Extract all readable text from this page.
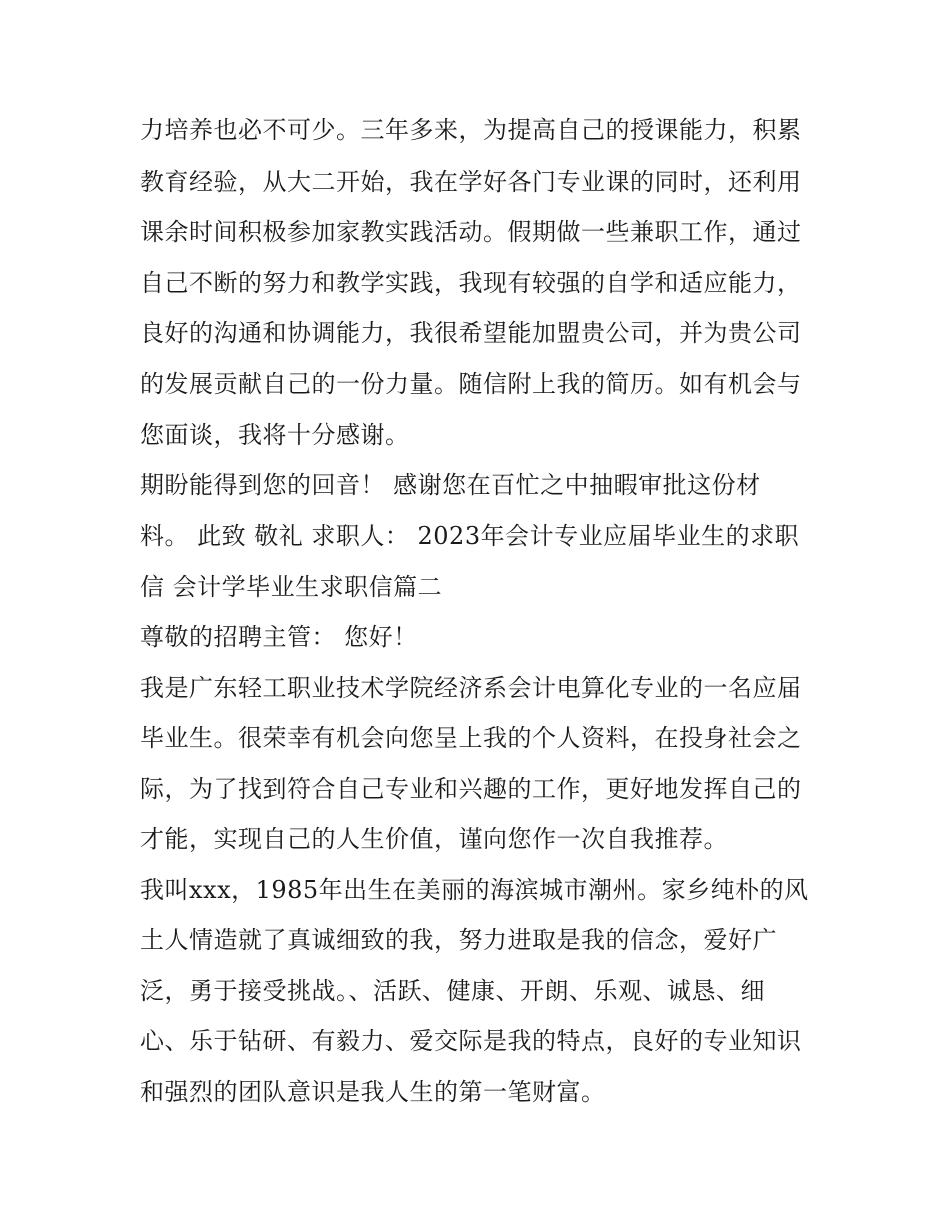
力培养也必不可少。三年多来，为提高自己的授课能力，积累
教育经验，从大二开始，我在学好各门专业课的同时，还利用
课余时间积极参加家教实践活动。假期做一些兼职工作，通过
自己不断的努力和教学实践，我现有较强的自学和适应能力，
良好的沟通和协调能力，我很希望能加盟贵公司，并为贵公司
的发展贡献自己的一份力量。随信附上我的简历。如有机会与
您面谈，我将十分感谢。
期盼能得到您的回音！ 感谢您在百忙之中抽暇审批这份材
料。 此致 敬礼 求职人： 2023年会计专业应届毕业生的求职
信 会计学毕业生求职信篇二
尊敬的招聘主管： 您好！
我是广东轻工职业技术学院经济系会计电算化专业的一名应届
毕业生。很荣幸有机会向您呈上我的个人资料，在投身社会之
际，为了找到符合自己专业和兴趣的工作，更好地发挥自己的
才能，实现自己的人生价值，谨向您作一次自我推荐。
我叫xxx，1985年出生在美丽的海滨城市潮州。家乡纯朴的风
土人情造就了真诚细致的我，努力进取是我的信念，爱好广
泛，勇于接受挑战。、活跃、健康、开朗、乐观、诚恳、细
心、乐于钻研、有毅力、爱交际是我的特点，良好的专业知识
和强烈的团队意识是我人生的第一笔财富。
